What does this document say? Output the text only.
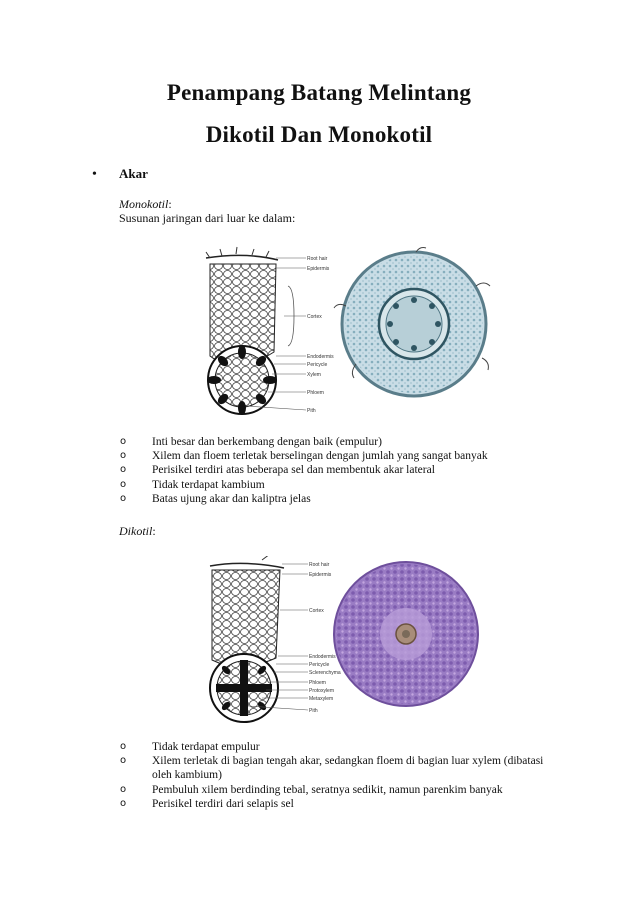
Penampang Batang Melintang
Dikotil Dan Monokotil
• Akar
Monokotil:
Susunan jaringan dari luar ke dalam:
Root hair
Epidermis
Cortex
Endodermis
Pericycle
Xylem
Phloem
Pith
o Inti besar dan berkembang dengan baik (empulur)
o Xilem dan floem terletak berselingan dengan jumlah yang sangat banyak
o Perisikel terdiri atas beberapa sel dan membentuk akar lateral
o Tidak terdapat kambium
o Batas ujung akar dan kaliptra jelas
Dikotil:
Root hair
Epidermis
Cortex
Endodermis
Pericycle
Sclerenchyma
Phloem
Protoxylem
Metaxylem
Pith
o Tidak terdapat empulur
o Xilem terletak di bagian tengah akar, sedangkan floem di bagian luar xylem (dibatasi oleh kambium)
o Pembuluh xilem berdinding tebal, seratnya sedikit, namun parenkim banyak
o Perisikel terdiri dari selapis sel
